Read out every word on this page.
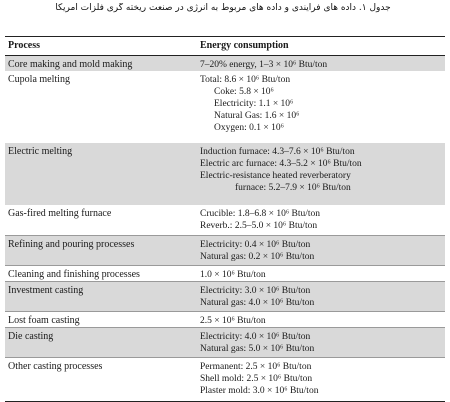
جدول ۱. داده های فرایندی و داده های مربوط به انرژی در صنعت ریخته گری فلزات آمریکا
Process	Energy consumption
Core making and mold making	7–20% energy, 1–3 × 10⁶ Btu/ton
Cupola melting	Total: 8.6 × 10⁶ Btu/ton
Coke: 5.8 × 10⁶
Electricity: 1.1 × 10⁶
Natural Gas: 1.6 × 10⁶
Oxygen: 0.1 × 10⁶
Electric melting	Induction furnace: 4.3–7.6 × 10⁶ Btu/ton
Electric arc furnace: 4.3–5.2 × 10⁶ Btu/ton
Electric-resistance heated reverberatory
furnace: 5.2–7.9 × 10⁶ Btu/ton
Gas-fired melting furnace	Crucible: 1.8–6.8 × 10⁶ Btu/ton
Reverb.: 2.5–5.0 × 10⁶ Btu/ton
Refining and pouring processes	Electricity: 0.4 × 10⁶ Btu/ton
Natural gas: 0.2 × 10⁶ Btu/ton
Cleaning and finishing processes	1.0 × 10⁶ Btu/ton
Investment casting	Electricity: 3.0 × 10⁶ Btu/ton
Natural gas: 4.0 × 10⁶ Btu/ton
Lost foam casting	2.5 × 10⁶ Btu/ton
Die casting	Electricity: 4.0 × 10⁶ Btu/ton
Natural gas: 5.0 × 10⁶ Btu/ton
Other casting processes	Permanent: 2.5 × 10⁶ Btu/ton
Shell mold: 2.5 × 10⁶ Btu/ton
Plaster mold: 3.0 × 10⁶ Btu/ton
